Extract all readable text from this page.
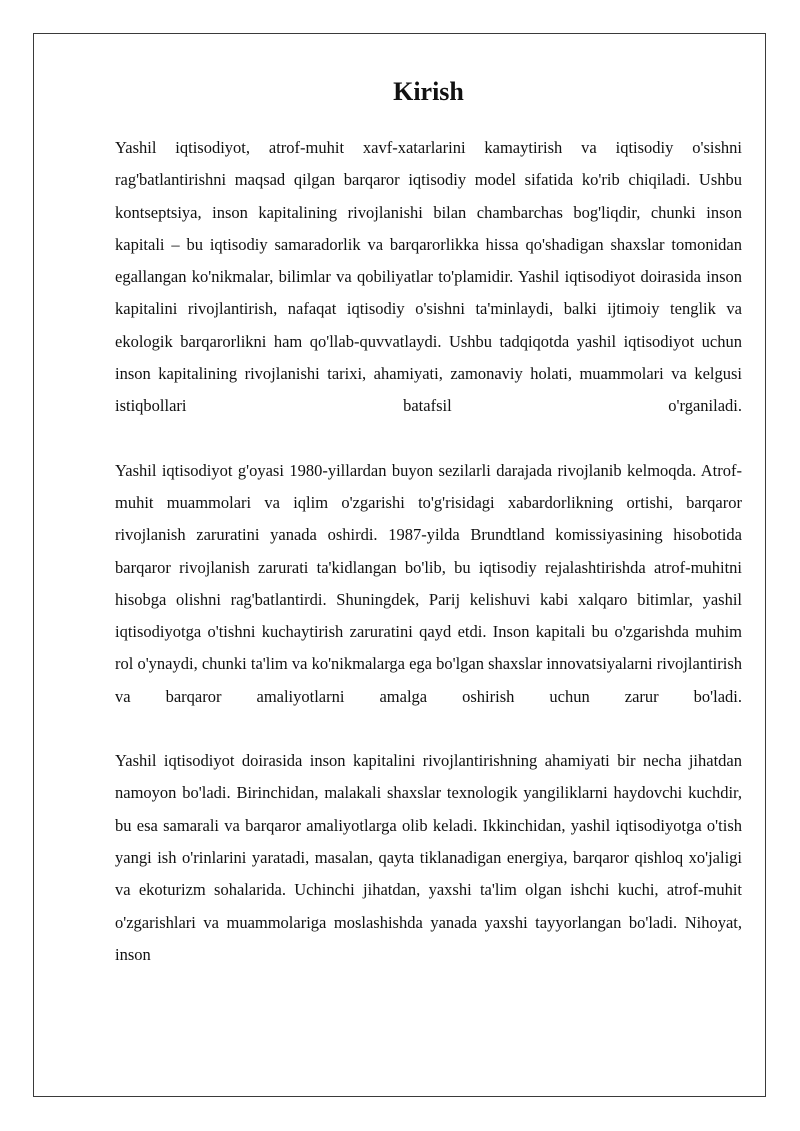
Kirish

Yashil iqtisodiyot, atrof-muhit xavf-xatarlarini kamaytirish va iqtisodiy o'sishni rag'batlantirishni maqsad qilgan barqaror iqtisodiy model sifatida ko'rib chiqiladi. Ushbu kontseptsiya, inson kapitalining rivojlanishi bilan chambarchas bog'liqdir, chunki inson kapitali – bu iqtisodiy samaradorlik va barqarorlikka hissa qo'shadigan shaxslar tomonidan egallangan ko'nikmalar, bilimlar va qobiliyatlar to'plamidir. Yashil iqtisodiyot doirasida inson kapitalini rivojlantirish, nafaqat iqtisodiy o'sishni ta'minlaydi, balki ijtimoiy tenglik va ekologik barqarorlikni ham qo'llab-quvvatlaydi. Ushbu tadqiqotda yashil iqtisodiyot uchun inson kapitalining rivojlanishi tarixi, ahamiyati, zamonaviy holati, muammolari va kelgusi istiqbollari batafsil o'rganiladi.

Yashil iqtisodiyot g'oyasi 1980-yillardan buyon sezilarli darajada rivojlanib kelmoqda. Atrof-muhit muammolari va iqlim o'zgarishi to'g'risidagi xabardorlikning ortishi, barqaror rivojlanish zaruratini yanada oshirdi. 1987-yilda Brundtland komissiyasining hisobotida barqaror rivojlanish zarurati ta'kidlangan bo'lib, bu iqtisodiy rejalashtirishda atrof-muhitni hisobga olishni rag'batlantirdi. Shuningdek, Parij kelishuvi kabi xalqaro bitimlar, yashil iqtisodiyotga o'tishni kuchaytirish zaruratini qayd etdi. Inson kapitali bu o'zgarishda muhim rol o'ynaydi, chunki ta'lim va ko'nikmalarga ega bo'lgan shaxslar innovatsiyalarni rivojlantirish va barqaror amaliyotlarni amalga oshirish uchun zarur bo'ladi.

Yashil iqtisodiyot doirasida inson kapitalini rivojlantirishning ahamiyati bir necha jihatdan namoyon bo'ladi. Birinchidan, malakali shaxslar texnologik yangiliklarni haydovchi kuchdir, bu esa samarali va barqaror amaliyotlarga olib keladi. Ikkinchidan, yashil iqtisodiyotga o'tish yangi ish o'rinlarini yaratadi, masalan, qayta tiklanadigan energiya, barqaror qishloq xo'jaligi va ekoturizm sohalarida. Uchinchi jihatdan, yaxshi ta'lim olgan ishchi kuchi, atrof-muhit o'zgarishlari va muammolariga moslashishda yanada yaxshi tayyorlangan bo'ladi. Nihoyat, inson
